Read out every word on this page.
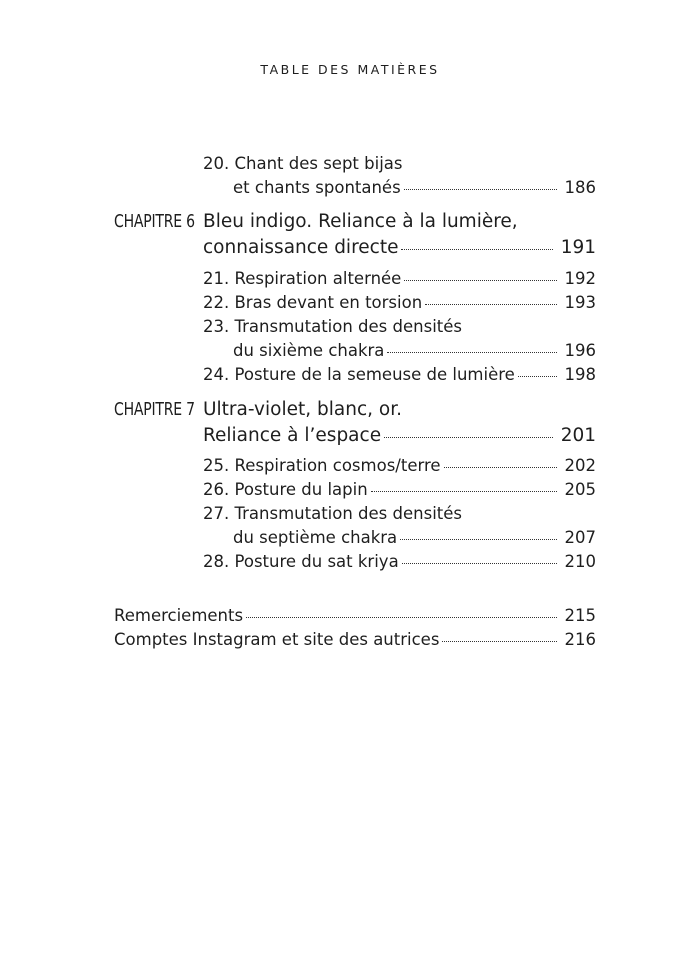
TABLE DES MATIÈRES
20. Chant des sept bijas
et chants spontanés	186
CHAPITRE 6 Bleu indigo. Reliance à la lumière,
connaissance directe	191
21. Respiration alternée	192
22. Bras devant en torsion	193
23. Transmutation des densités
du sixième chakra	196
24. Posture de la semeuse de lumière	198
CHAPITRE 7 Ultra-violet, blanc, or.
Reliance à l’espace	201
25. Respiration cosmos/terre	202
26. Posture du lapin	205
27. Transmutation des densités
du septième chakra	207
28. Posture du sat kriya	210
Remerciements	215
Comptes Instagram et site des autrices	216
